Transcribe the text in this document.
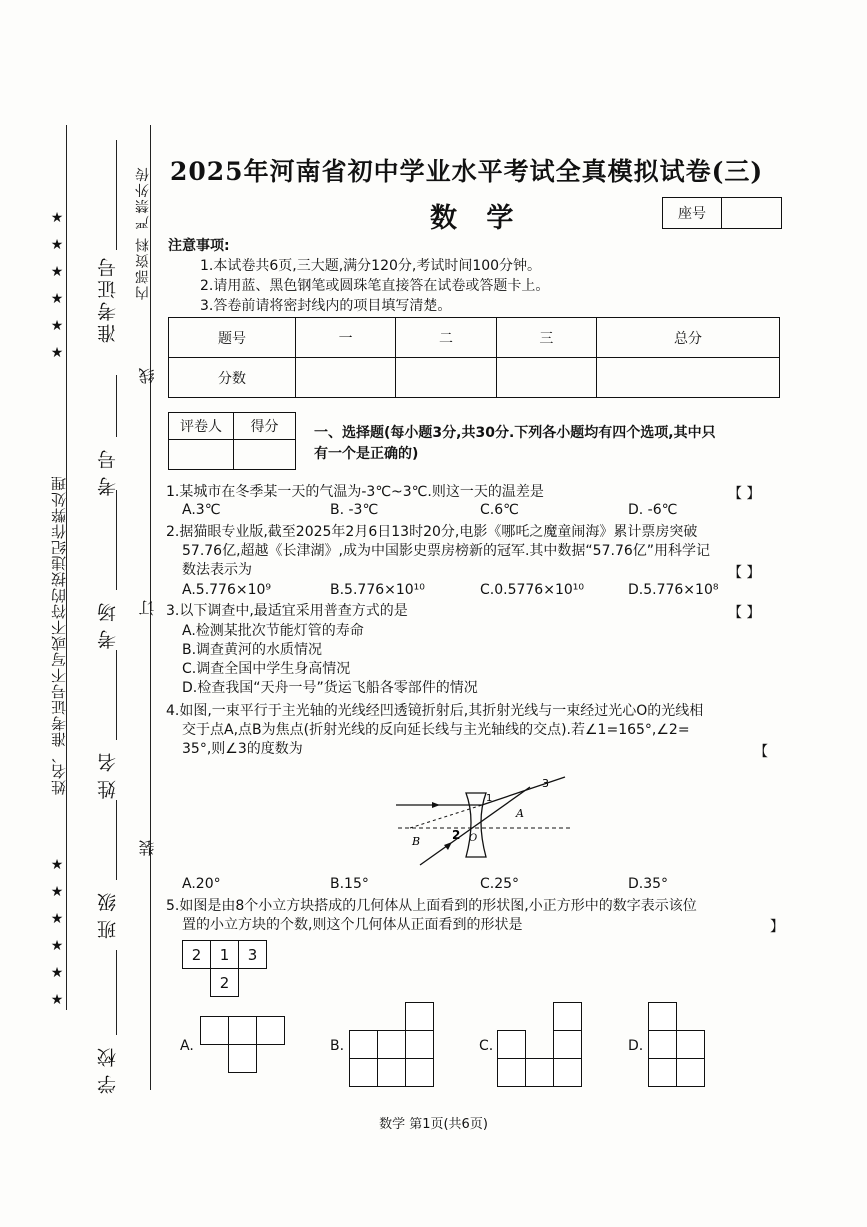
★
★
★
★
★
★
姓名、准考证号不写或不符的按违纪作弊处理
★
★
★
★
★
★
内部资料 严禁外传
准考证号
考号
考场
姓名
班级
学校
线
订
装
2025年河南省初中学业水平考试全真模拟试卷(三)
数 学	座号
注意事项:
1.本试卷共6页,三大题,满分120分,考试时间100分钟。
2.请用蓝、黑色钢笔或圆珠笔直接答在试卷或答题卡上。
3.答卷前请将密封线内的项目填写清楚。
题号	一	二	三	总分
分数				
评卷人	得分
		一、选择题(每小题3分,共30分.下列各小题均有四个选项,其中只
有一个是正确的)
1.某城市在冬季某一天的气温为-3℃~3℃.则这一天的温差是	【 】
A.3℃	B. -3℃	C.6℃	D. -6℃
2.据猫眼专业版,截至2025年2月6日13时20分,电影《哪吒之魔童闹海》累计票房突破
57.76亿,超越《长津湖》,成为中国影史票房榜新的冠军.其中数据“57.76亿”用科学记
数法表示为	【 】
A.5.776×10⁹	B.5.776×10¹⁰	C.0.5776×10¹⁰	D.5.776×10⁸
3.以下调查中,最适宜采用普查方式的是	【 】
A.检测某批次节能灯管的寿命
B.调查黄河的水质情况
C.调查全国中学生身高情况
D.检查我国“天舟一号”货运飞船各零部件的情况
4.如图,一束平行于主光轴的光线经凹透镜折射后,其折射光线与一束经过光心O的光线相
交于点A,点B为焦点(折射光线的反向延长线与主光轴线的交点).若∠1=165°,∠2=
35°,则∠3的度数为	【
1
2
3
A
B	O
A.20°	B.15°	C.25°	D.35°
5.如图是由8个小立方块搭成的几何体从上面看到的形状图,小正方形中的数字表示该位
置的小立方块的个数,则这个几何体从正面看到的形状是	】
2	1	3
2
A.	B.	C.	D.
数学 第1页(共6页)
